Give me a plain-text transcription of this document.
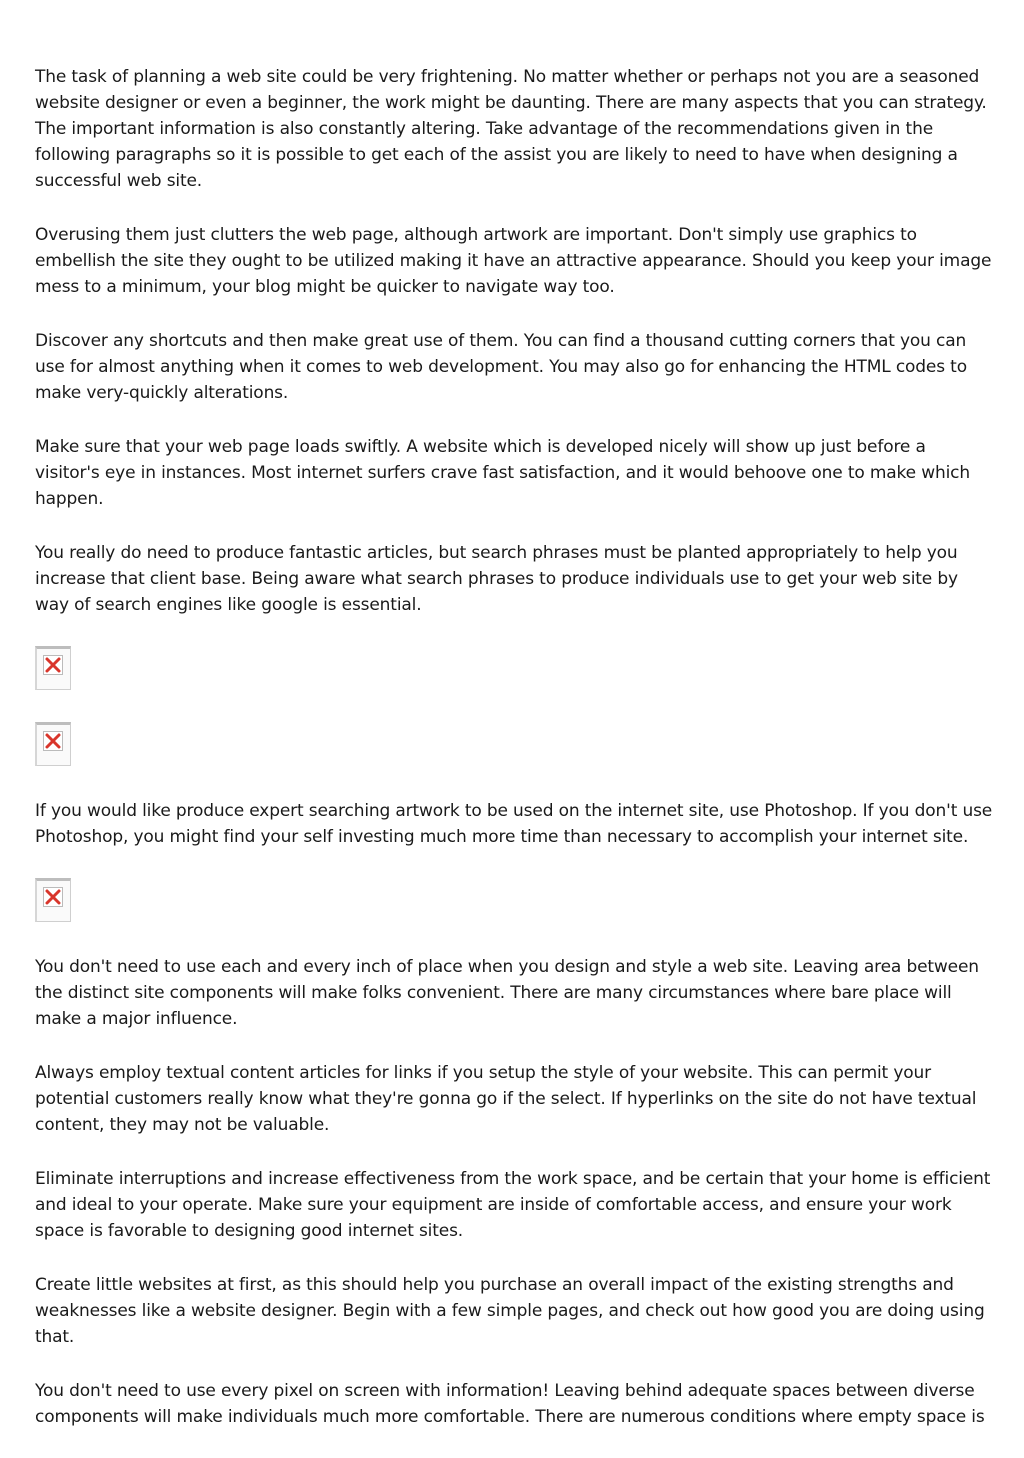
The task of planning a web site could be very frightening. No matter whether or perhaps not you are a seasoned website designer or even a beginner, the work might be daunting. There are many aspects that you can strategy. The important information is also constantly altering. Take advantage of the recommendations given in the following paragraphs so it is possible to get each of the assist you are likely to need to have when designing a successful web site.

Overusing them just clutters the web page, although artwork are important. Don't simply use graphics to embellish the site they ought to be utilized making it have an attractive appearance. Should you keep your image mess to a minimum, your blog might be quicker to navigate way too.

Discover any shortcuts and then make great use of them. You can find a thousand cutting corners that you can use for almost anything when it comes to web development. You may also go for enhancing the HTML codes to make very-quickly alterations.

Make sure that your web page loads swiftly. A website which is developed nicely will show up just before a visitor's eye in instances. Most internet surfers crave fast satisfaction, and it would behoove one to make which happen.

You really do need to produce fantastic articles, but search phrases must be planted appropriately to help you increase that client base. Being aware what search phrases to produce individuals use to get your web site by way of search engines like google is essential.

If you would like produce expert searching artwork to be used on the internet site, use Photoshop. If you don't use Photoshop, you might find your self investing much more time than necessary to accomplish your internet site.

You don't need to use each and every inch of place when you design and style a web site. Leaving area between the distinct site components will make folks convenient. There are many circumstances where bare place will make a major influence.

Always employ textual content articles for links if you setup the style of your website. This can permit your potential customers really know what they're gonna go if the select. If hyperlinks on the site do not have textual content, they may not be valuable.

Eliminate interruptions and increase effectiveness from the work space, and be certain that your home is efficient and ideal to your operate. Make sure your equipment are inside of comfortable access, and ensure your work space is favorable to designing good internet sites.

Create little websites at first, as this should help you purchase an overall impact of the existing strengths and weaknesses like a website designer. Begin with a few simple pages, and check out how good you are doing using that.

You don't need to use every pixel on screen with information! Leaving behind adequate spaces between diverse components will make individuals much more comfortable. There are numerous conditions where empty space is
